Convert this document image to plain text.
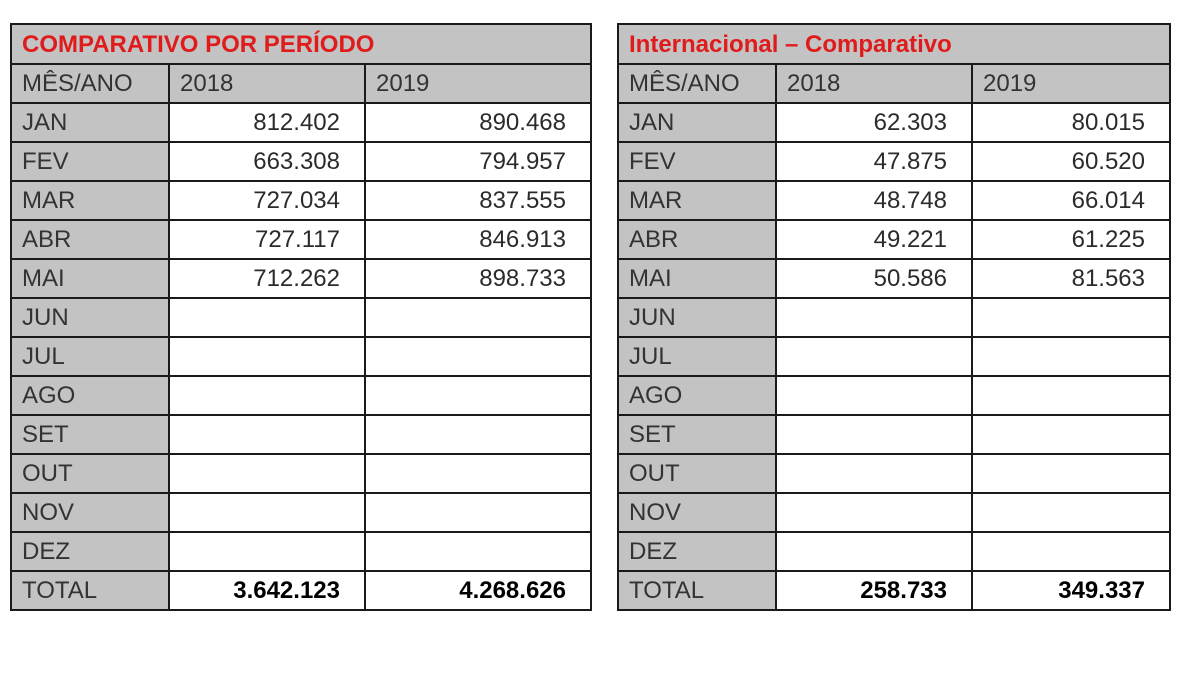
COMPARATIVO POR PERÍODO		
MÊS/ANO	2018	2019
JAN	812.402	890.468
FEV	663.308	794.957
MAR	727.034	837.555
ABR	727.117	846.913
MAI	712.262	898.733
JUN		
JUL		
AGO		
SET		
OUT		
NOV		
DEZ		
TOTAL	3.642.123	4.268.626
Internacional – Comparativo		
MÊS/ANO	2018	2019
JAN	62.303	80.015
FEV	47.875	60.520
MAR	48.748	66.014
ABR	49.221	61.225
MAI	50.586	81.563
JUN		
JUL		
AGO		
SET		
OUT		
NOV		
DEZ		
TOTAL	258.733	349.337
